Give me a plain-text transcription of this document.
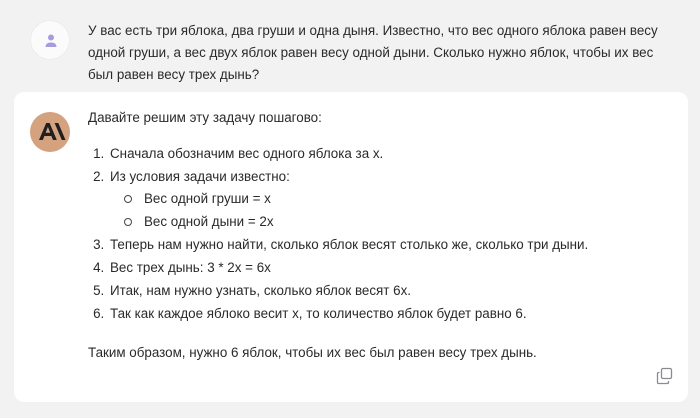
У вас есть три яблока, два груши и одна дыня. Известно, что вес одного яблока равен весу одной груши, а вес двух яблок равен весу одной дыни. Сколько нужно яблок, чтобы их вес был равен весу трех дынь?

Давайте решим эту задачу пошагово:

1. Сначала обозначим вес одного яблока за x.
2. Из условия задачи известно:
Вес одной груши = x
Вес одной дыни = 2x
3. Теперь нам нужно найти, сколько яблок весят столько же, сколько три дыни.
4. Вес трех дынь: 3 * 2x = 6x
5. Итак, нам нужно узнать, сколько яблок весят 6x.
6. Так как каждое яблоко весит x, то количество яблок будет равно 6.

Таким образом, нужно 6 яблок, чтобы их вес был равен весу трех дынь.
